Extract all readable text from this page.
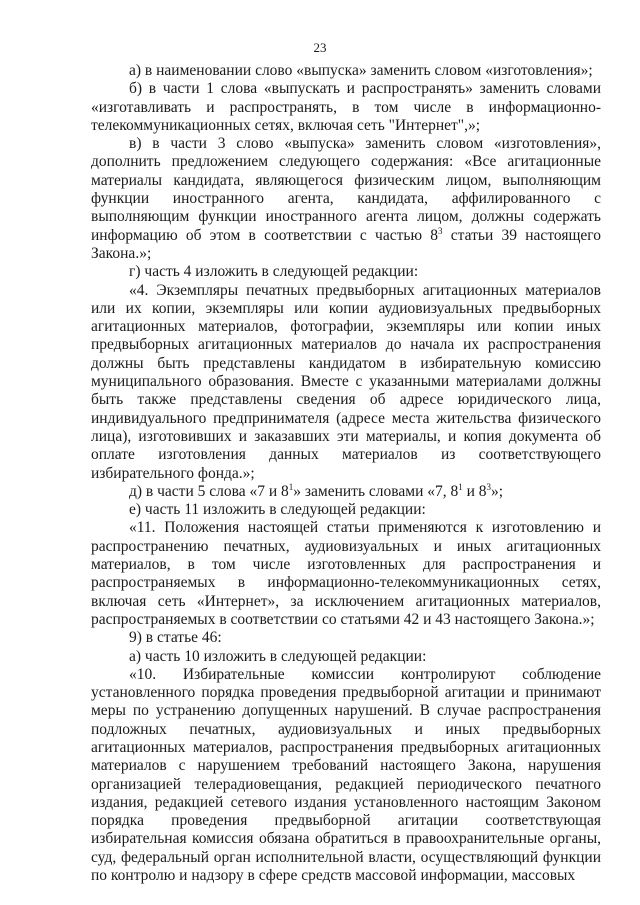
23

а) в наименовании слово «выпуска» заменить словом «изготовления»;

б) в части 1 слова «выпускать и распространять» заменить словами «изготавливать и распространять, в том числе в информационно-телекоммуникационных сетях, включая сеть "Интернет",»;

в) в части 3 слово «выпуска» заменить словом «изготовления», дополнить предложением следующего содержания: «Все агитационные материалы кандидата, являющегося физическим лицом, выполняющим функции иностранного агента, кандидата, аффилированного с выполняющим функции иностранного агента лицом, должны содержать информацию об этом в соответствии с частью $8^3$ статьи 39 настоящего Закона.»;

г) часть 4 изложить в следующей редакции:

«4. Экземпляры печатных предвыборных агитационных материалов или их копии, экземпляры или копии аудиовизуальных предвыборных агитационных материалов, фотографии, экземпляры или копии иных предвыборных агитационных материалов до начала их распространения должны быть представлены кандидатом в избирательную комиссию муниципального образования. Вместе с указанными материалами должны быть также представлены сведения об адресе юридического лица, индивидуального предпринимателя (адресе места жительства физического лица), изготовивших и заказавших эти материалы, и копия документа об оплате изготовления данных материалов из соответствующего избирательного фонда.»;

д) в части 5 слова «7 и $8^1$» заменить словами «7, $8^1$ и $8^3$»;

е) часть 11 изложить в следующей редакции:

«11. Положения настоящей статьи применяются к изготовлению и распространению печатных, аудиовизуальных и иных агитационных материалов, в том числе изготовленных для распространения и распространяемых в информационно-телекоммуникационных сетях, включая сеть «Интернет», за исключением агитационных материалов, распространяемых в соответствии со статьями 42 и 43 настоящего Закона.»;

9) в статье 46:

а) часть 10 изложить в следующей редакции:

«10. Избирательные комиссии контролируют соблюдение установленного порядка проведения предвыборной агитации и принимают меры по устранению допущенных нарушений. В случае распространения подложных печатных, аудиовизуальных и иных предвыборных агитационных материалов, распространения предвыборных агитационных материалов с нарушением требований настоящего Закона, нарушения организацией телерадиовещания, редакцией периодического печатного издания, редакцией сетевого издания установленного настоящим Законом порядка проведения предвыборной агитации соответствующая избирательная комиссия обязана обратиться в правоохранительные органы, суд, федеральный орган исполнительной власти, осуществляющий функции по контролю и надзору в сфере средств массовой информации, массовых
